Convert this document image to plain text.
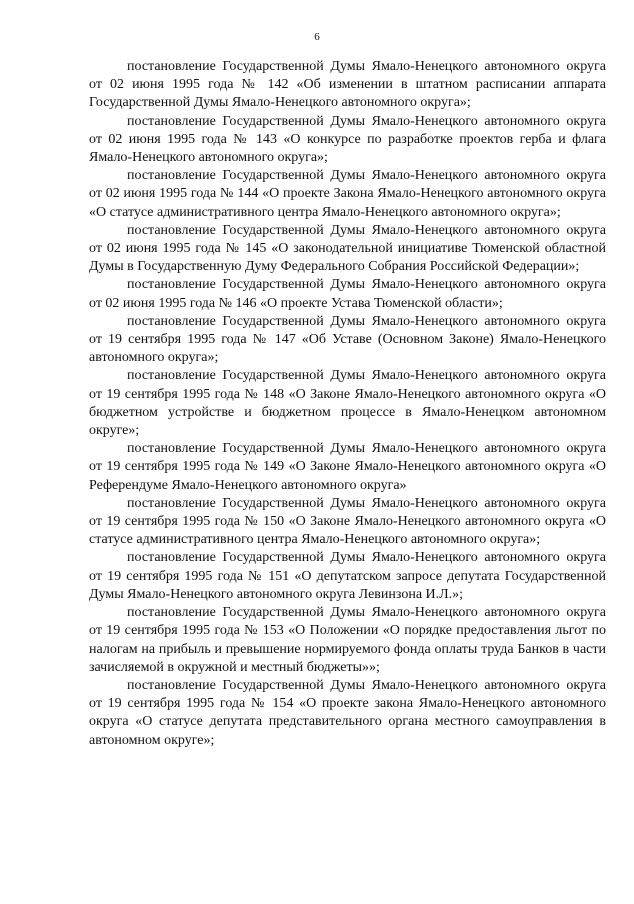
6

постановление Государственной Думы Ямало-Ненецкого автономного округа от 02 июня 1995 года № 142 «Об изменении в штатном расписании аппарата Государственной Думы Ямало-Ненецкого автономного округа»;

постановление Государственной Думы Ямало-Ненецкого автономного округа от 02 июня 1995 года № 143 «О конкурсе по разработке проектов герба и флага Ямало-Ненецкого автономного округа»;

постановление Государственной Думы Ямало-Ненецкого автономного округа от 02 июня 1995 года № 144 «О проекте Закона Ямало-Ненецкого автономного округа «О статусе административного центра Ямало-Ненецкого автономного округа»;

постановление Государственной Думы Ямало-Ненецкого автономного округа от 02 июня 1995 года № 145 «О законодательной инициативе Тюменской областной Думы в Государственную Думу Федерального Собрания Российской Федерации»;

постановление Государственной Думы Ямало-Ненецкого автономного округа от 02 июня 1995 года № 146 «О проекте Устава Тюменской области»;

постановление Государственной Думы Ямало-Ненецкого автономного округа от 19 сентября 1995 года № 147 «Об Уставе (Основном Законе) Ямало-Ненецкого автономного округа»;

постановление Государственной Думы Ямало-Ненецкого автономного округа от 19 сентября 1995 года № 148 «О Законе Ямало-Ненецкого автономного округа «О бюджетном устройстве и бюджетном процессе в Ямало-Ненецком автономном округе»;

постановление Государственной Думы Ямало-Ненецкого автономного округа от 19 сентября 1995 года № 149 «О Законе Ямало-Ненецкого автономного округа «О Референдуме Ямало-Ненецкого автономного округа»

постановление Государственной Думы Ямало-Ненецкого автономного округа от 19 сентября 1995 года № 150 «О Законе Ямало-Ненецкого автономного округа «О статусе административного центра Ямало-Ненецкого автономного округа»;

постановление Государственной Думы Ямало-Ненецкого автономного округа от 19 сентября 1995 года № 151 «О депутатском запросе депутата Государственной Думы Ямало-Ненецкого автономного округа Левинзона И.Л.»;

постановление Государственной Думы Ямало-Ненецкого автономного округа от 19 сентября 1995 года № 153 «О Положении «О порядке предоставления льгот по налогам на прибыль и превышение нормируемого фонда оплаты труда Банков в части зачисляемой в окружной и местный бюджеты»»;

постановление Государственной Думы Ямало-Ненецкого автономного округа от 19 сентября 1995 года № 154 «О проекте закона Ямало-Ненецкого автономного округа «О статусе депутата представительного органа местного самоуправления в автономном округе»;
